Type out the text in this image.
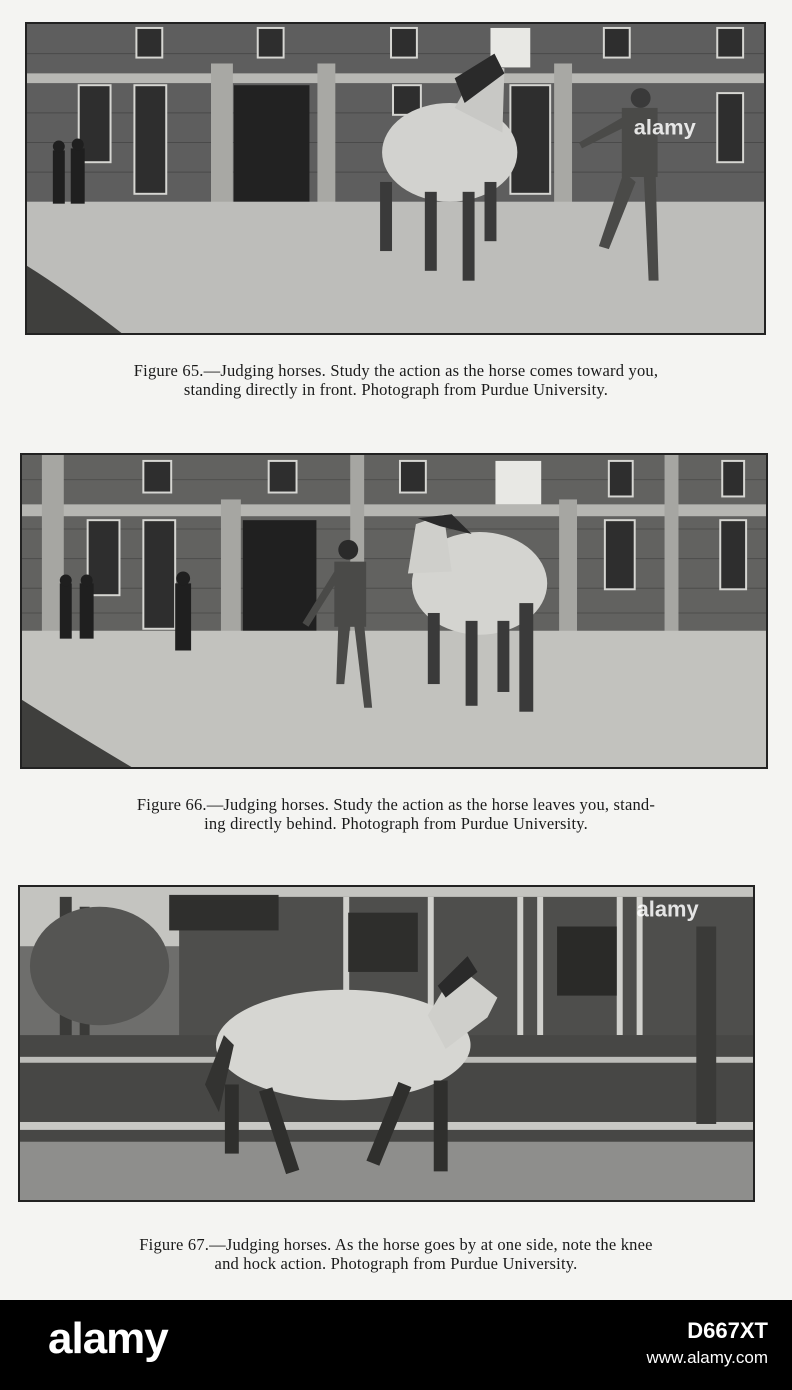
alamy
Figure 65.—Judging horses. Study the action as the horse comes toward you,
standing directly in front. Photograph from Purdue University.
Figure 66.—Judging horses. Study the action as the horse leaves you, stand-
ing directly behind. Photograph from Purdue University.
alamy
Figure 67.—Judging horses. As the horse goes by at one side, note the knee
and hock action. Photograph from Purdue University.
alamy	D667XT
www.alamy.com
